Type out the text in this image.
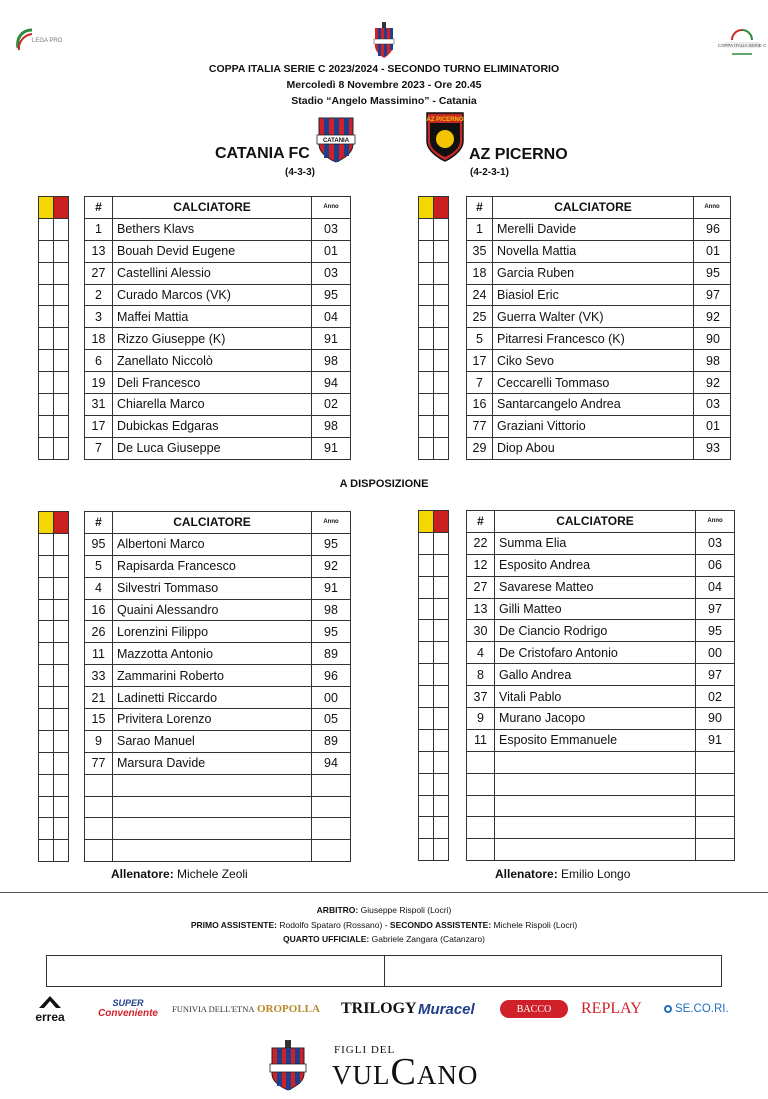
LEGA PRO
COPPA ITALIA SERIE C
COPPA ITALIA SERIE C 2023/2024 - SECONDO TURNO ELIMINATORIO
Mercoledì 8 Novembre 2023 - Ore 20.45
Stadio “Angelo Massimino” - Catania
CATANIA FC
CATANIA
(4-3-3)
AZ PICERNO
AZ PICERNO
(4-2-3-1)

#	CALCIATORE	Anno
1	Bethers Klavs	03
13	Bouah Devid Eugene	01
27	Castellini Alessio	03
2	Curado Marcos (VK)	95
3	Maffei Mattia	04
18	Rizzo Giuseppe (K)	91
6	Zanellato Niccolò	98
19	Deli Francesco	94
31	Chiarella Marco	02
17	Dubickas Edgaras	98
7	De Luca Giuseppe	91

#	CALCIATORE	Anno
1	Merelli Davide	96
35	Novella Mattia	01
18	Garcia Ruben	95
24	Biasiol Eric	97
25	Guerra Walter (VK)	92
5	Pitarresi Francesco (K)	90
17	Ciko Sevo	98
7	Ceccarelli Tommaso	92
16	Santarcangelo Andrea	03
77	Graziani Vittorio	01
29	Diop Abou	93
A DISPOSIZIONE

#	CALCIATORE	Anno
95	Albertoni Marco	95
5	Rapisarda Francesco	92
4	Silvestri Tommaso	91
16	Quaini Alessandro	98
26	Lorenzini Filippo	95
11	Mazzotta Antonio	89
33	Zammarini Roberto	96
21	Ladinetti Riccardo	00
15	Privitera Lorenzo	05
9	Sarao Manuel	89
77	Marsura Davide	94

#	CALCIATORE	Anno
22	Summa Elia	03
12	Esposito Andrea	06
27	Savarese Matteo	04
13	Gilli Matteo	97
30	De Ciancio Rodrigo	95
4	De Cristofaro Antonio	00
8	Gallo Andrea	97
37	Vitali Pablo	02
9	Murano Jacopo	90
11	Esposito Emmanuele	91

Allenatore: Michele Zeoli	Allenatore: Emilio Longo
ARBITRO: Giuseppe Rispoli (Locri)
PRIMO ASSISTENTE: Rodolfo Spataro (Rossano) - SECONDO ASSISTENTE: Michele Rispoli (Locri)
QUARTO UFFICIALE: Gabriele Zangara (Catanzaro)
errea
SUPER
Conveniente FUNIVIA DELL'ETNA OROPOLLA	TRILOGY Muracel	BACCO	REPLAY	SE.CO.RI.
FIGLI DEL
VULCANO
